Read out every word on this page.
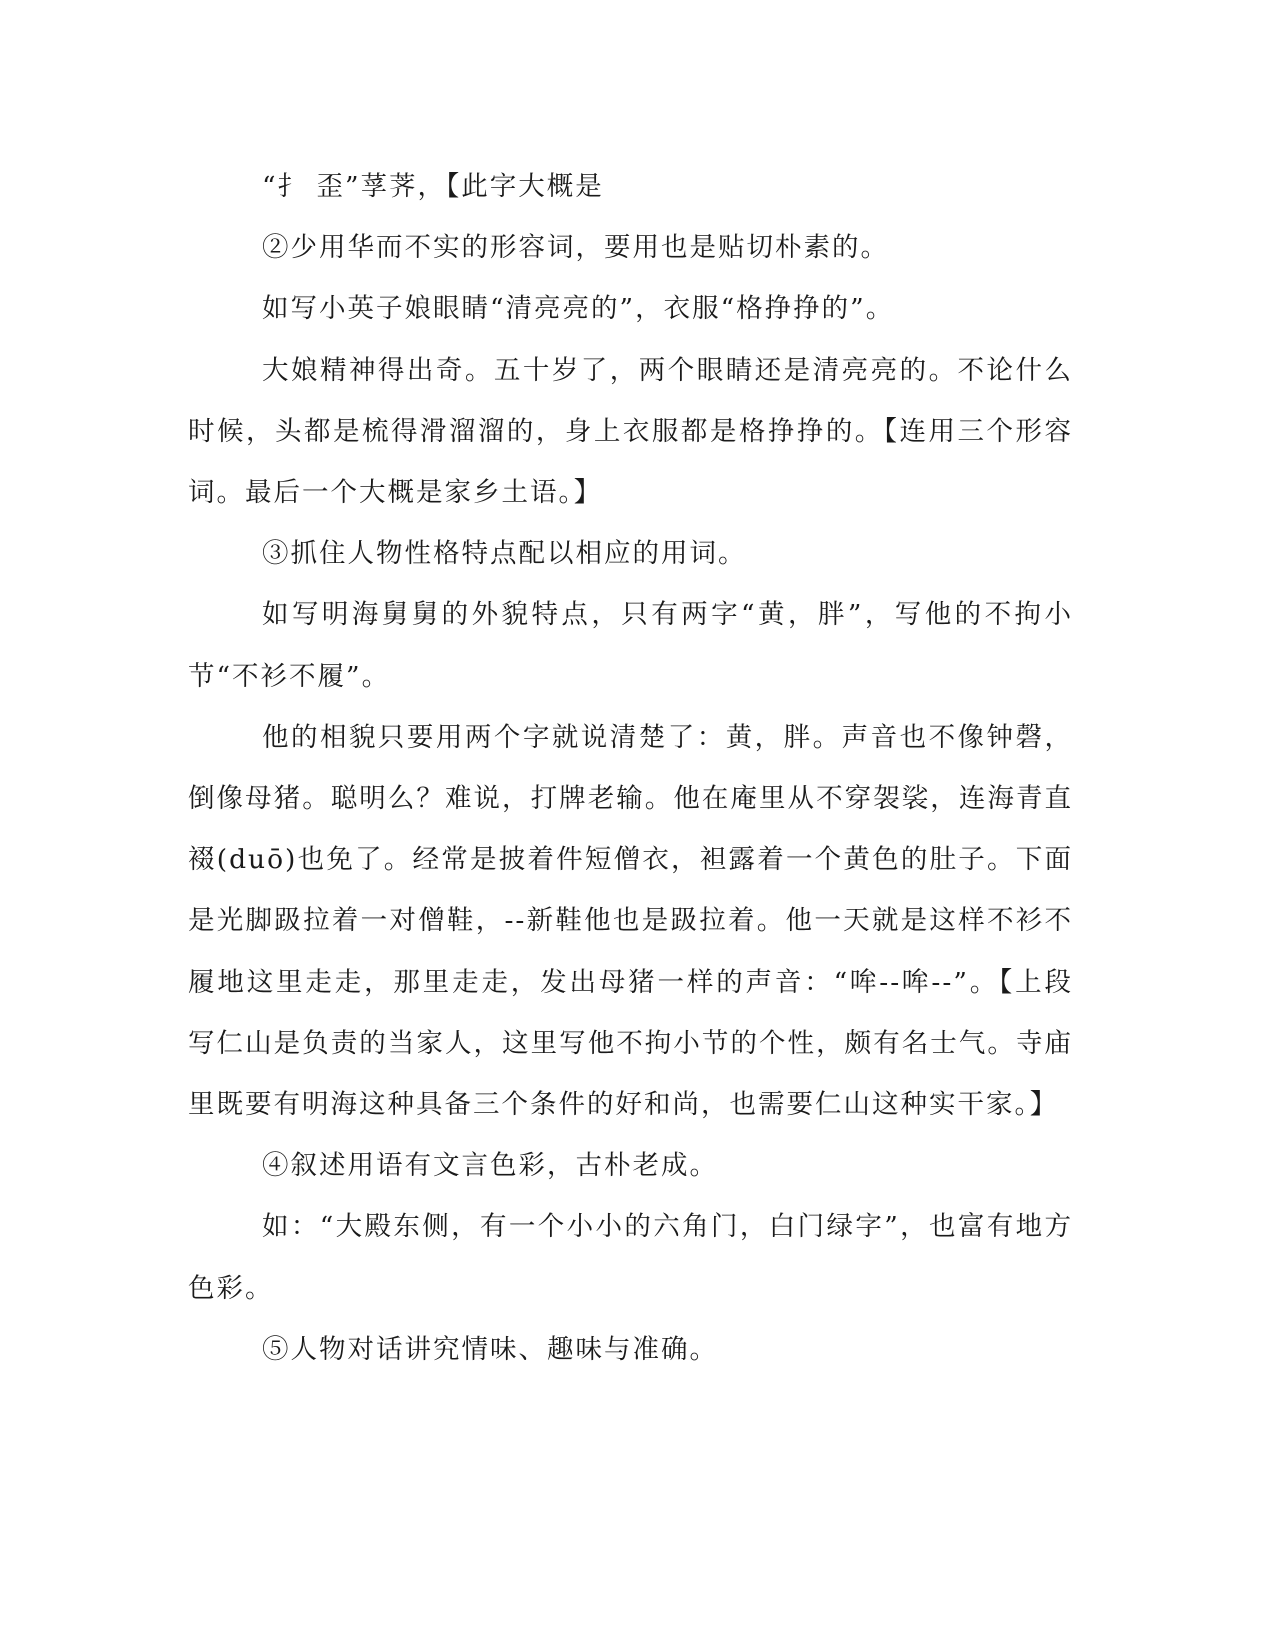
“扌 歪”莩荠，【此字大概是

②少用华而不实的形容词，要用也是贴切朴素的。

如写小英子娘眼睛“清亮亮的”，衣服“格挣挣的”。

大娘精神得出奇。五十岁了，两个眼睛还是清亮亮的。不论什么时候，头都是梳得滑溜溜的，身上衣服都是格挣挣的。【连用三个形容词。最后一个大概是家乡土语。】

③抓住人物性格特点配以相应的用词。

如写明海舅舅的外貌特点，只有两字“黄，胖”，写他的不拘小节“不衫不履”。

他的相貌只要用两个字就说清楚了：黄，胖。声音也不像钟磬，倒像母猪。聪明么？难说，打牌老输。他在庵里从不穿袈裟，连海青直裰(duō)也免了。经常是披着件短僧衣，袒露着一个黄色的肚子。下面是光脚趿拉着一对僧鞋，--新鞋他也是趿拉着。他一天就是这样不衫不履地这里走走，那里走走，发出母猪一样的声音：“哞--哞--”。【上段写仁山是负责的当家人，这里写他不拘小节的个性，颇有名士气。寺庙里既要有明海这种具备三个条件的好和尚，也需要仁山这种实干家。】

④叙述用语有文言色彩，古朴老成。

如：“大殿东侧，有一个小小的六角门，白门绿字”，也富有地方色彩。

⑤人物对话讲究情味、趣味与准确。
